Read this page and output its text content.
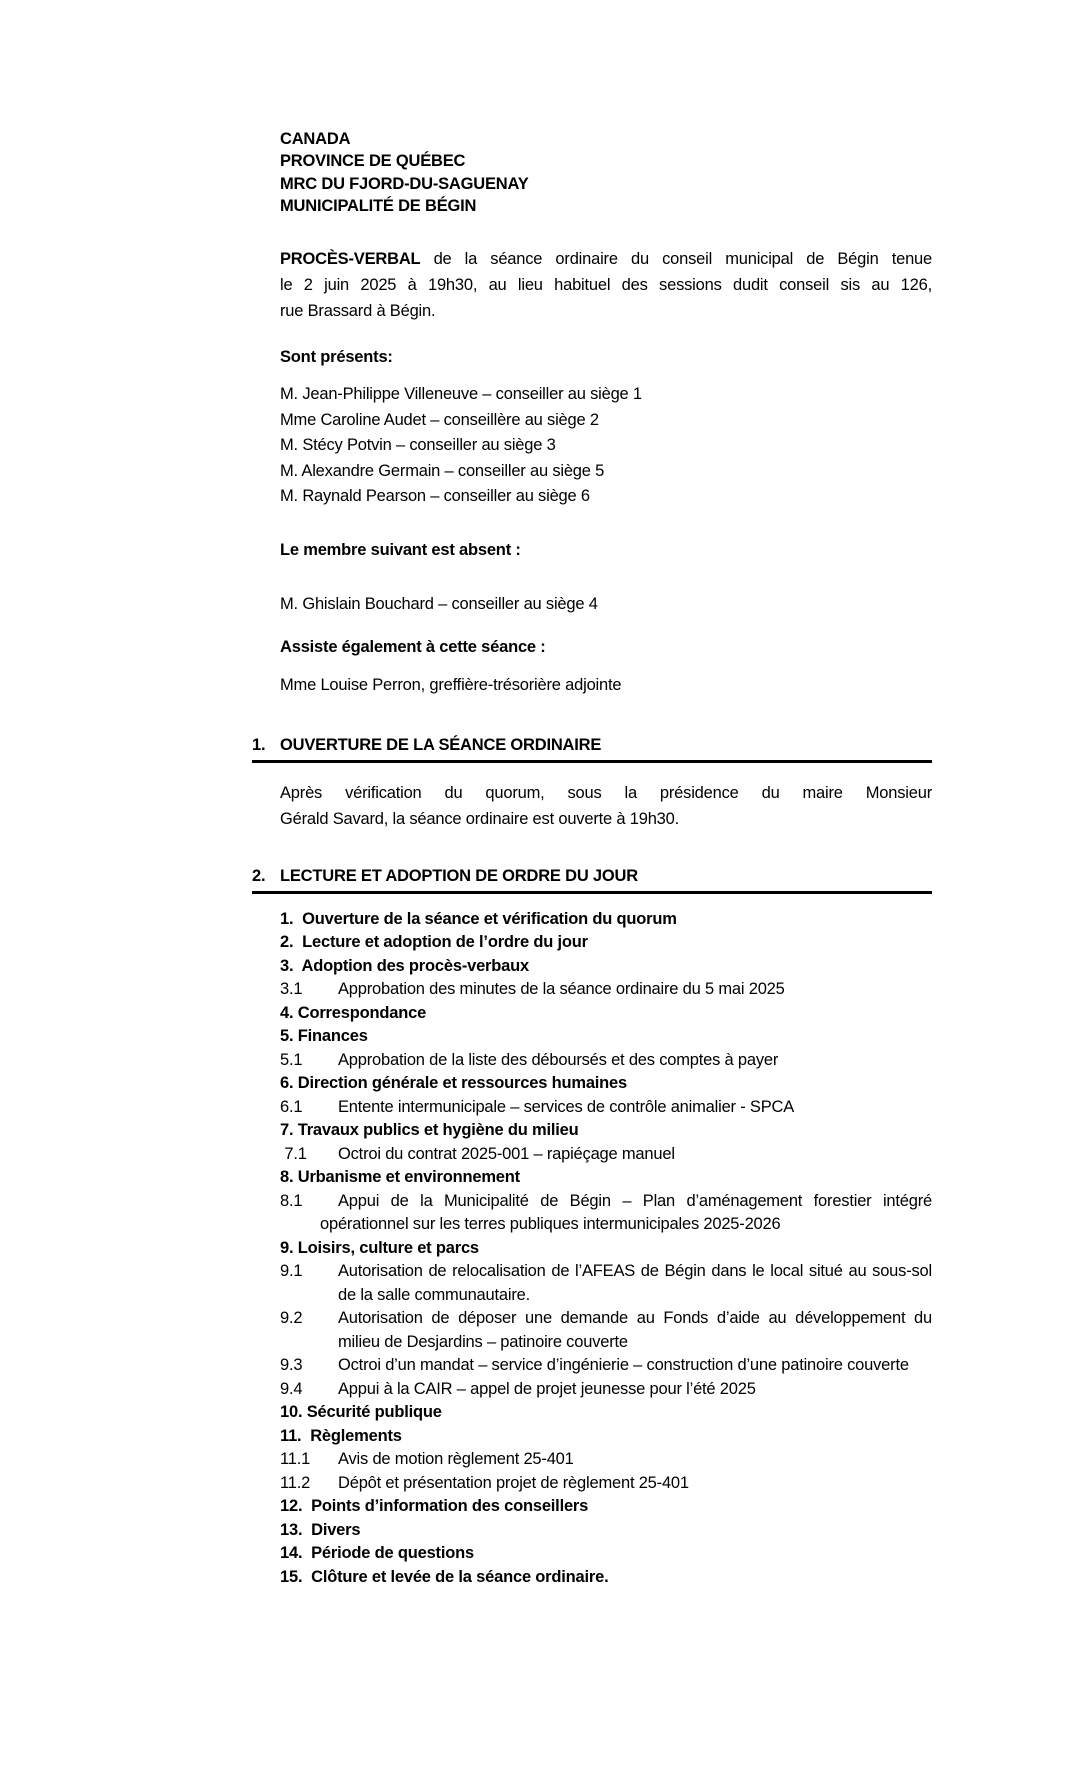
CANADA
PROVINCE DE QUÉBEC
MRC DU FJORD-DU-SAGUENAY
MUNICIPALITÉ DE BÉGIN
PROCÈS-VERBAL de la séance ordinaire du conseil municipal de Bégin tenue
le 2 juin 2025 à 19h30, au lieu habituel des sessions dudit conseil sis au 126,
rue Brassard à Bégin.
Sont présents:
M. Jean-Philippe Villeneuve – conseiller au siège 1
Mme Caroline Audet – conseillère au siège 2
M. Stécy Potvin – conseiller au siège 3
M. Alexandre Germain – conseiller au siège 5
M. Raynald Pearson – conseiller au siège 6
Le membre suivant est absent :
M. Ghislain Bouchard – conseiller au siège 4
Assiste également à cette séance :
Mme Louise Perron, greffière-trésorière adjointe
1. OUVERTURE DE LA SÉANCE ORDINAIRE
Après vérification du quorum, sous la présidence du maire Monsieur
Gérald Savard, la séance ordinaire est ouverte à 19h30.
2. LECTURE ET ADOPTION DE ORDRE DU JOUR
1.  Ouverture de la séance et vérification du quorum
2.  Lecture et adoption de l’ordre du jour
3.  Adoption des procès-verbaux
3.1	Approbation des minutes de la séance ordinaire du 5 mai 2025
4. Correspondance
5. Finances
5.1	Approbation de la liste des déboursés et des comptes à payer
6. Direction générale et ressources humaines
6.1	Entente intermunicipale – services de contrôle animalier - SPCA
7. Travaux publics et hygiène du milieu
7.1	Octroi du contrat 2025-001 – rapiéçage manuel
8. Urbanisme et environnement
8.1	Appui de la Municipalité de Bégin – Plan d’aménagement forestier intégré opérationnel sur les terres publiques intermunicipales 2025-2026
9. Loisirs, culture et parcs
9.1	Autorisation de relocalisation de l’AFEAS de Bégin dans le local situé au sous-sol de la salle communautaire.
9.2	Autorisation de déposer une demande au Fonds d’aide au développement du milieu de Desjardins – patinoire couverte
9.3	Octroi d’un mandat – service d’ingénierie – construction d’une patinoire couverte
9.4	Appui à la CAIR – appel de projet jeunesse pour l’été 2025
10. Sécurité publique
11.  Règlements
11.1	Avis de motion règlement 25-401
11.2	Dépôt et présentation projet de règlement 25-401
12.  Points d’information des conseillers
13.  Divers
14.  Période de questions
15.  Clôture et levée de la séance ordinaire.
